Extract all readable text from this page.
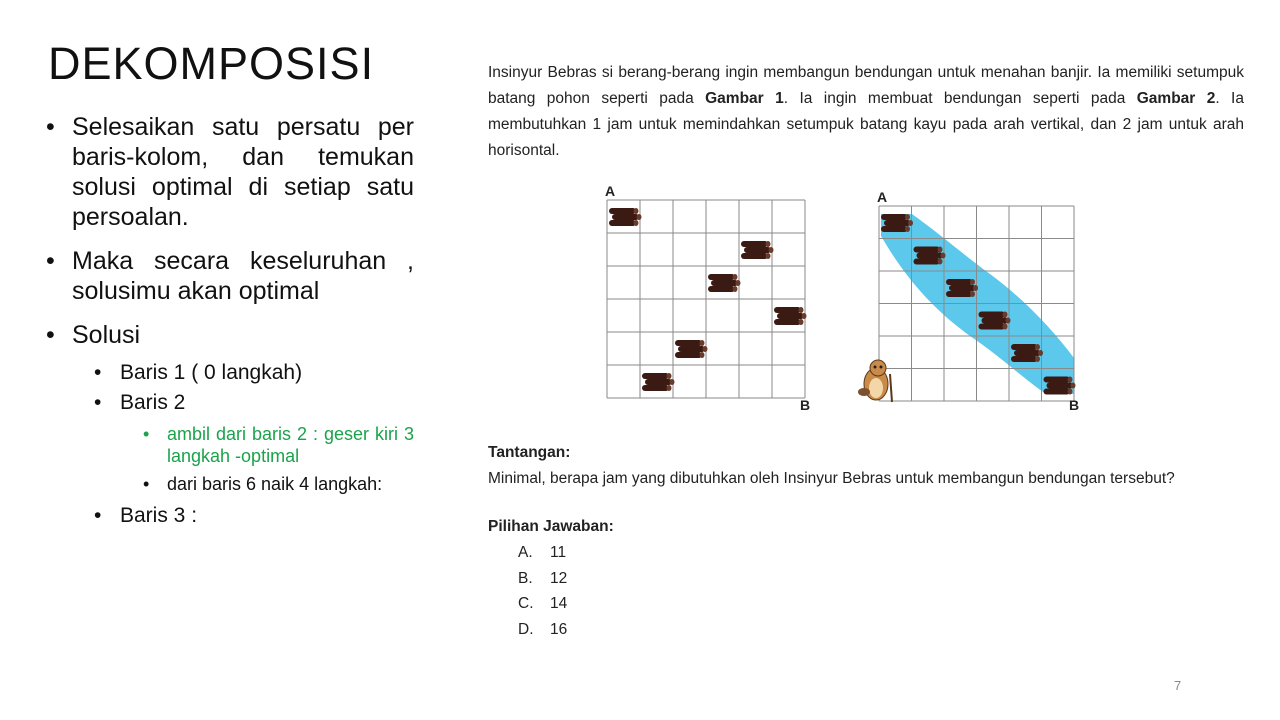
DEKOMPOSISI
• Selesaikan satu persatu per baris-kolom, dan temukan solusi optimal di setiap satu persoalan.
• Maka secara keseluruhan , solusimu akan optimal
• Solusi
• Baris 1 ( 0 langkah)
• Baris 2
• ambil dari baris 2 : geser kiri 3 langkah -optimal
• dari baris 6 naik 4 langkah:
• Baris 3 :
Insinyur Bebras si berang-berang ingin membangun bendungan untuk menahan banjir. Ia memiliki setumpuk batang pohon seperti pada Gambar 1. Ia ingin membuat bendungan seperti pada Gambar 2. Ia membutuhkan 1 jam untuk memindahkan setumpuk batang kayu pada arah vertikal, dan 2 jam untuk arah horisontal.
A
B
A
B
Tantangan:
Minimal, berapa jam yang dibutuhkan oleh Insinyur Bebras untuk membangun bendungan tersebut?
Pilihan Jawaban:
A.	11
B.	12
C.	14
D.	16
7
